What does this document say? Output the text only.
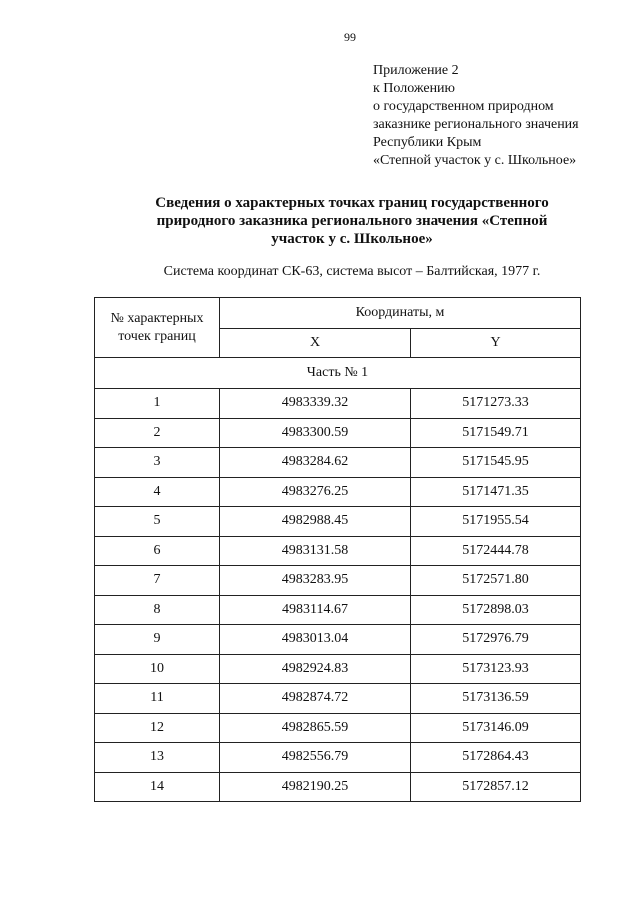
99
Приложение 2
к Положению
о государственном природном
заказнике регионального значения
Республики Крым
«Степной участок у с. Школьное»
Сведения о характерных точках границ государственного
природного заказника регионального значения «Степной
участок у с. Школьное»
Система координат СК-63, система высот – Балтийская, 1977 г.
№ характерных
точек границ	Координаты, м	
	X	Y
Часть № 1		
1	4983339.32	5171273.33
2	4983300.59	5171549.71
3	4983284.62	5171545.95
4	4983276.25	5171471.35
5	4982988.45	5171955.54
6	4983131.58	5172444.78
7	4983283.95	5172571.80
8	4983114.67	5172898.03
9	4983013.04	5172976.79
10	4982924.83	5173123.93
11	4982874.72	5173136.59
12	4982865.59	5173146.09
13	4982556.79	5172864.43
14	4982190.25	5172857.12
